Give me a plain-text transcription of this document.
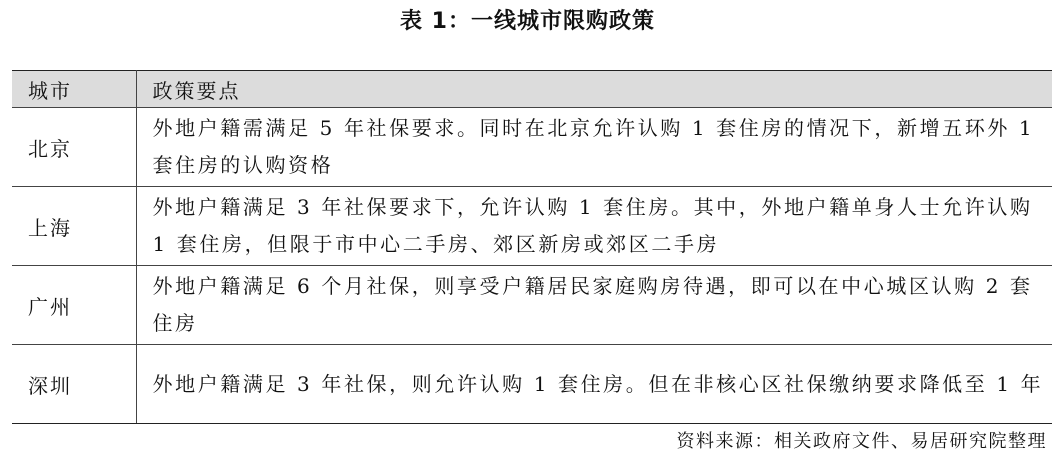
表 1：一线城市限购政策
城市	政策要点
北京	外地户籍需满足 5 年社保要求。同时在北京允许认购 1 套住房的情况下，新增五环外 1 套住房的认购资格
上海	外地户籍满足 3 年社保要求下，允许认购 1 套住房。其中，外地户籍单身人士允许认购 1 套住房，但限于市中心二手房、郊区新房或郊区二手房
广州	外地户籍满足 6 个月社保，则享受户籍居民家庭购房待遇，即可以在中心城区认购 2 套住房
深圳	外地户籍满足 3 年社保，则允许认购 1 套住房。但在非核心区社保缴纳要求降低至 1 年
资料来源：相关政府文件、易居研究院整理
